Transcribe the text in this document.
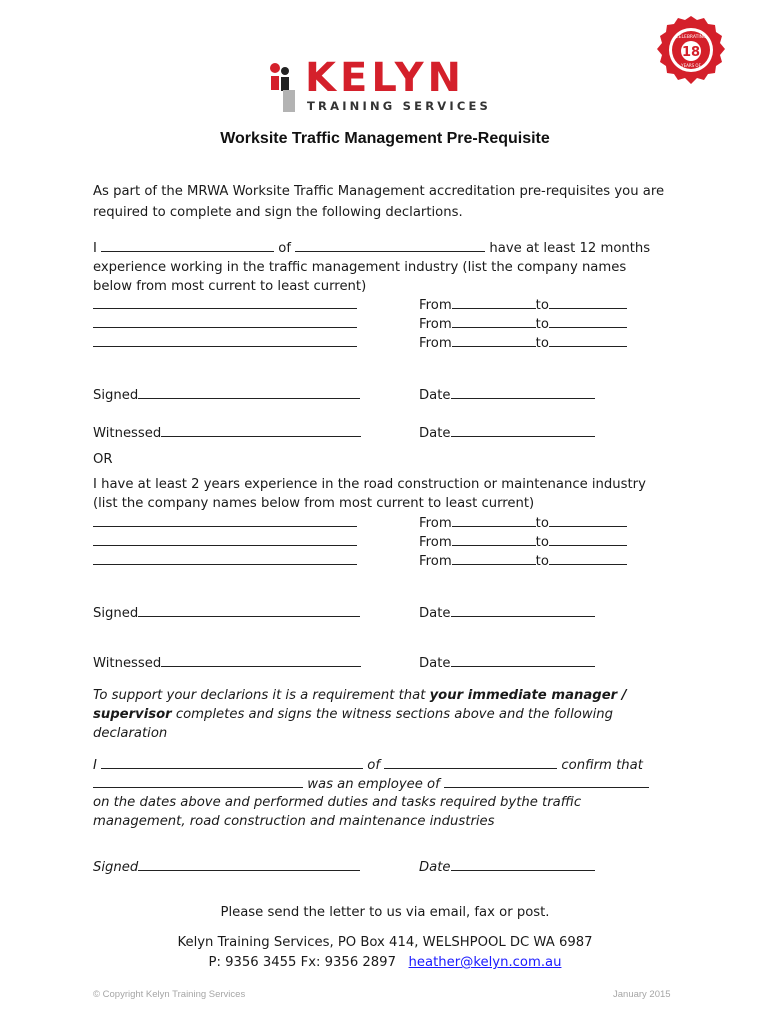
KELYN
TRAINING SERVICES
18
CELEBRATING
YEARS OF
Worksite Traffic Management Pre-Requisite
As part of the MRWA Worksite Traffic Management accreditation pre-requisites you are required to complete and sign the following declartions.
I	of	have at least 12 months
experience working in the traffic management industry (list the company names
below from most current to least current)
From	to
From	to
From	to
Signed	Date
Witnessed	Date
OR
I have at least 2 years experience in the road construction or maintenance industry
(list the company names below from most current to least current)
From	to
From	to
From	to
Signed	Date
Witnessed	Date
To support your declarions it is a requirement that your immediate manager /
supervisor completes and signs the witness sections above and the following
declaration
I	of	confirm that
was an employee of
on the dates above and performed duties and tasks required bythe traffic
management, road construction and maintenance industries
Signed	Date
Please send the letter to us via email, fax or post.
Kelyn Training Services, PO Box 414, WELSHPOOL DC WA 6987
P: 9356 3455 Fx: 9356 2897 heather@kelyn.com.au
© Copyright Kelyn Training Services	January 2015
